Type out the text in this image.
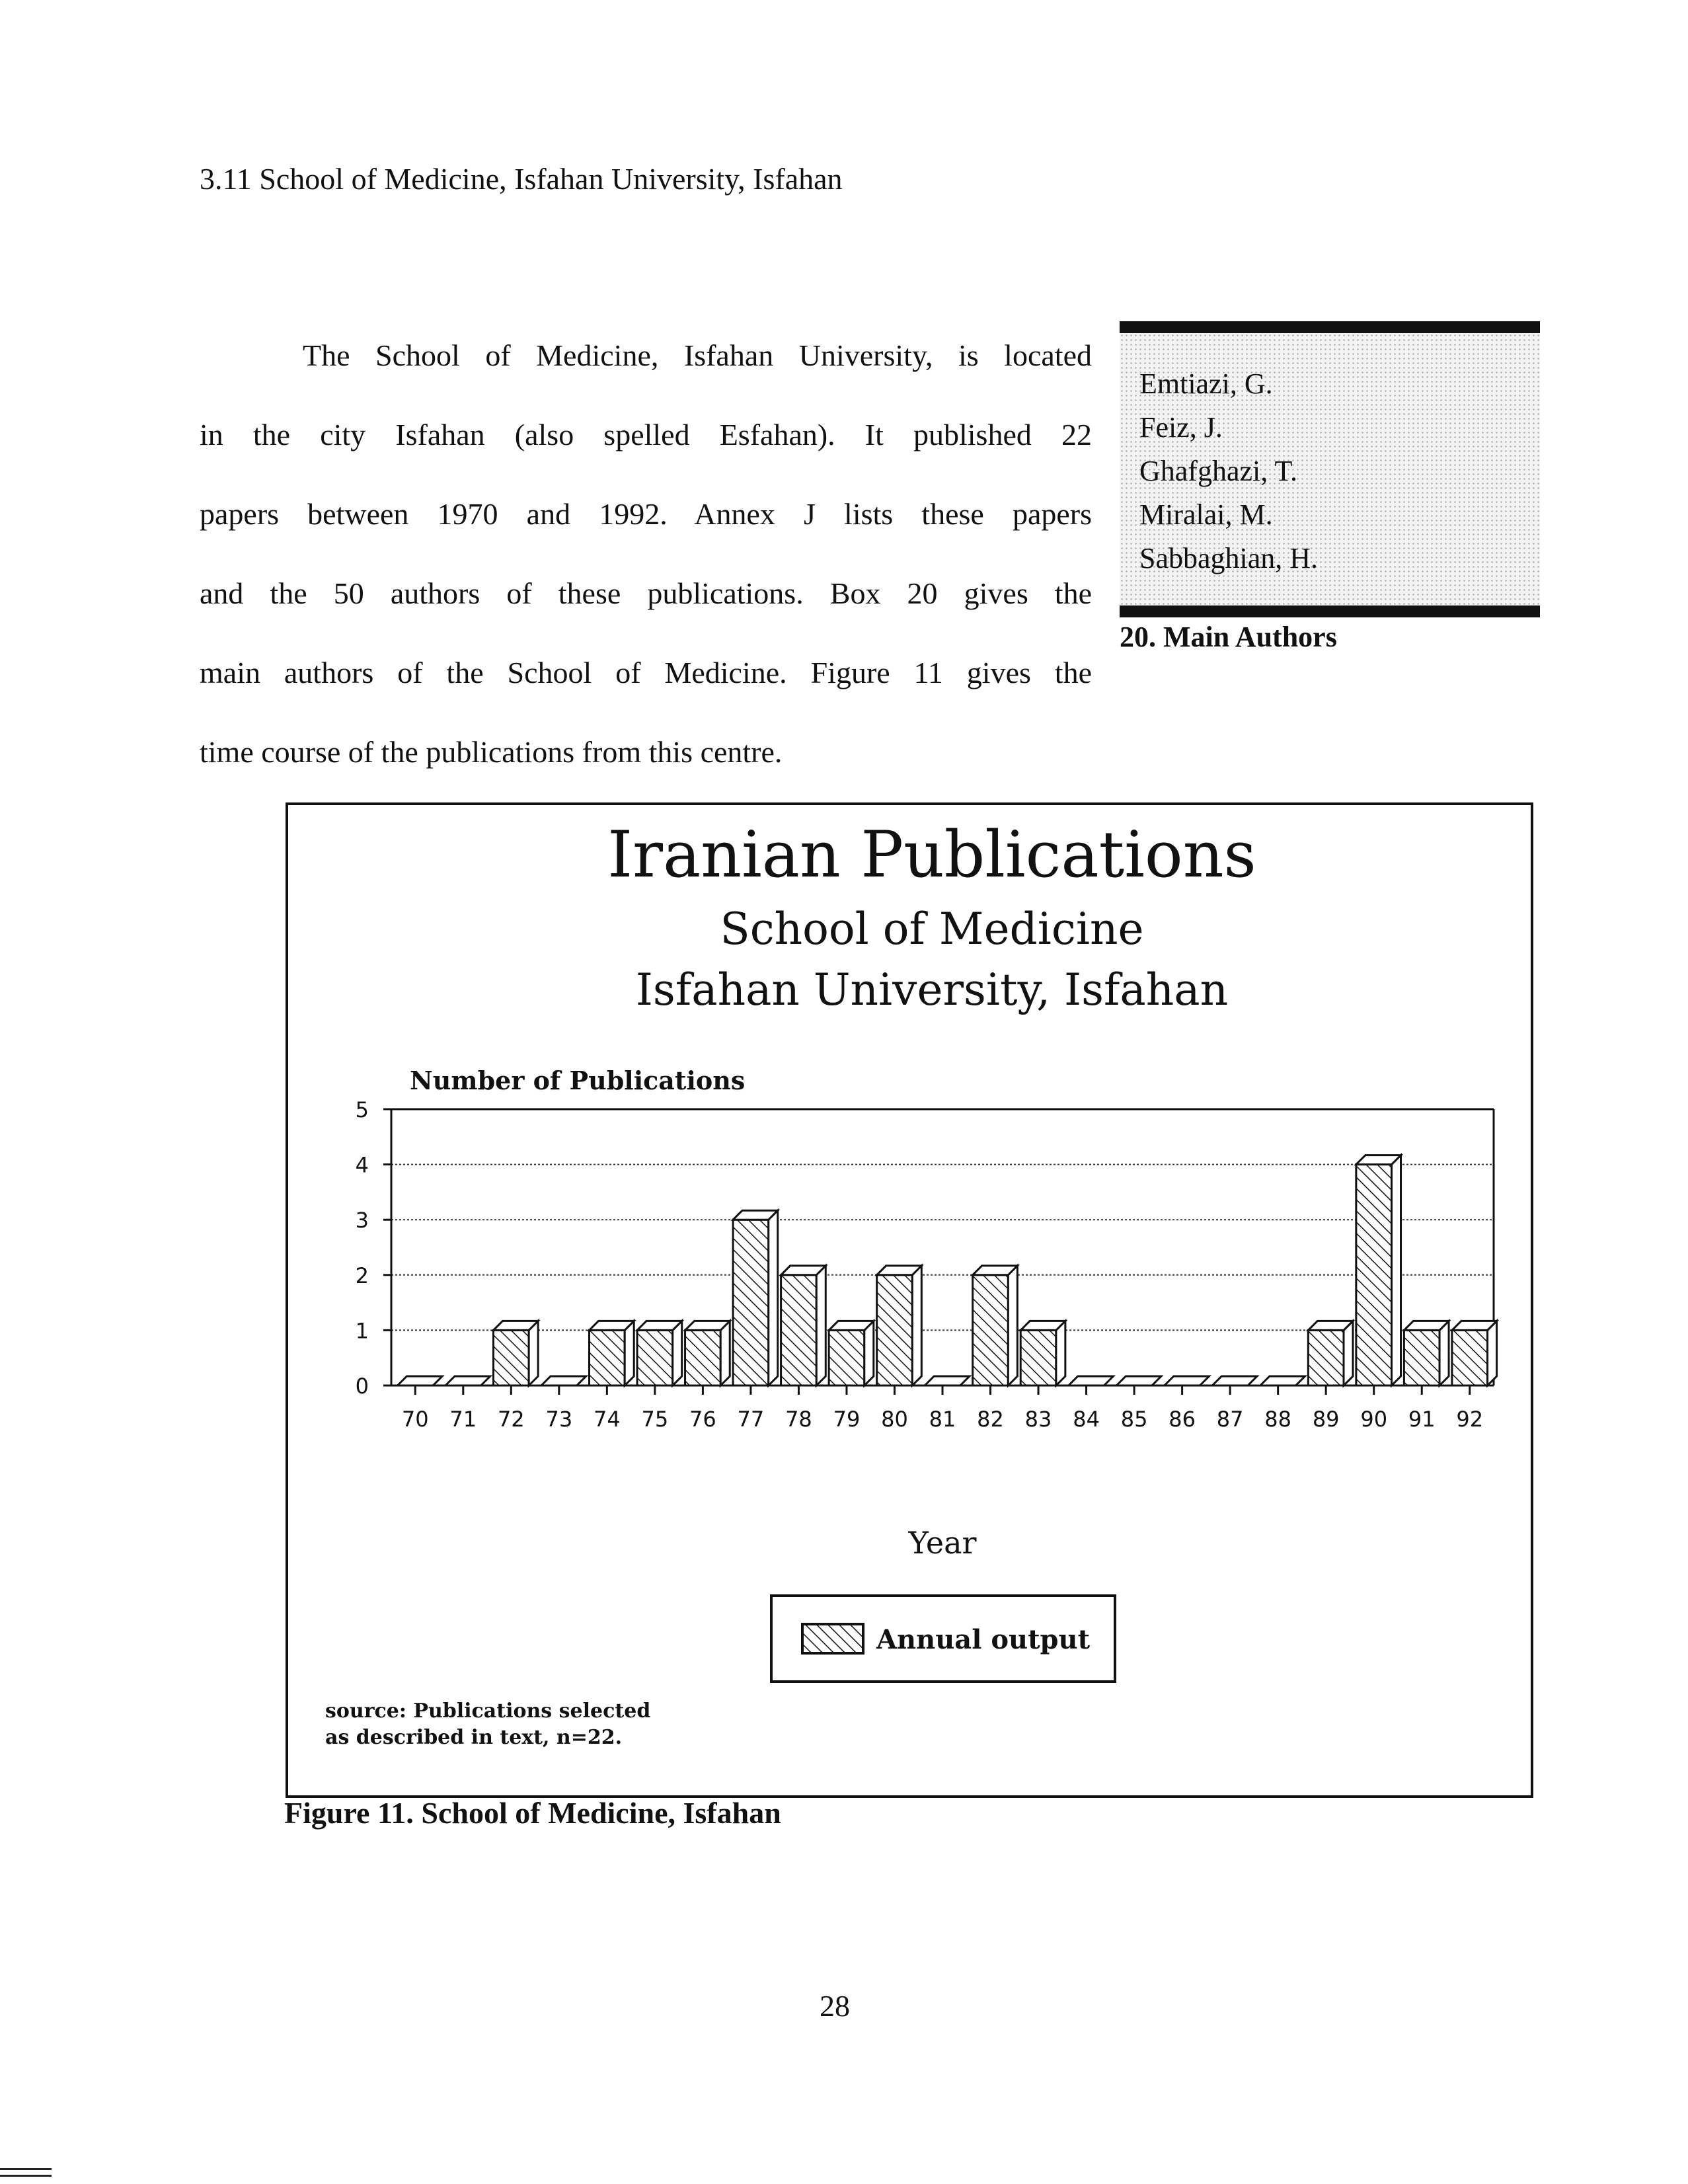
3.11 School of Medicine, Isfahan University, Isfahan
The School of Medicine, Isfahan University, is located
in the city Isfahan (also spelled Esfahan). It published 22
papers between 1970 and 1992. Annex J lists these papers
and the 50 authors of these publications. Box 20 gives the
main authors of the School of Medicine. Figure 11 gives the
time course of the publications from this centre.
Emtiazi, G.
Feiz, J.
Ghafghazi, T.
Miralai, M.
Sabbaghian, H.
20. Main Authors
Iranian Publications
School of Medicine
Isfahan University, Isfahan
Number of Publications
Year
0
1
2
3
4
5
70 71 72 73 74 75 76 77 78 79 80 81 82 83 84 85 86 87 88 89 90 91 92
Annual output
source: Publications selected
as described in text, n=22.
Figure 11. School of Medicine, Isfahan
28
